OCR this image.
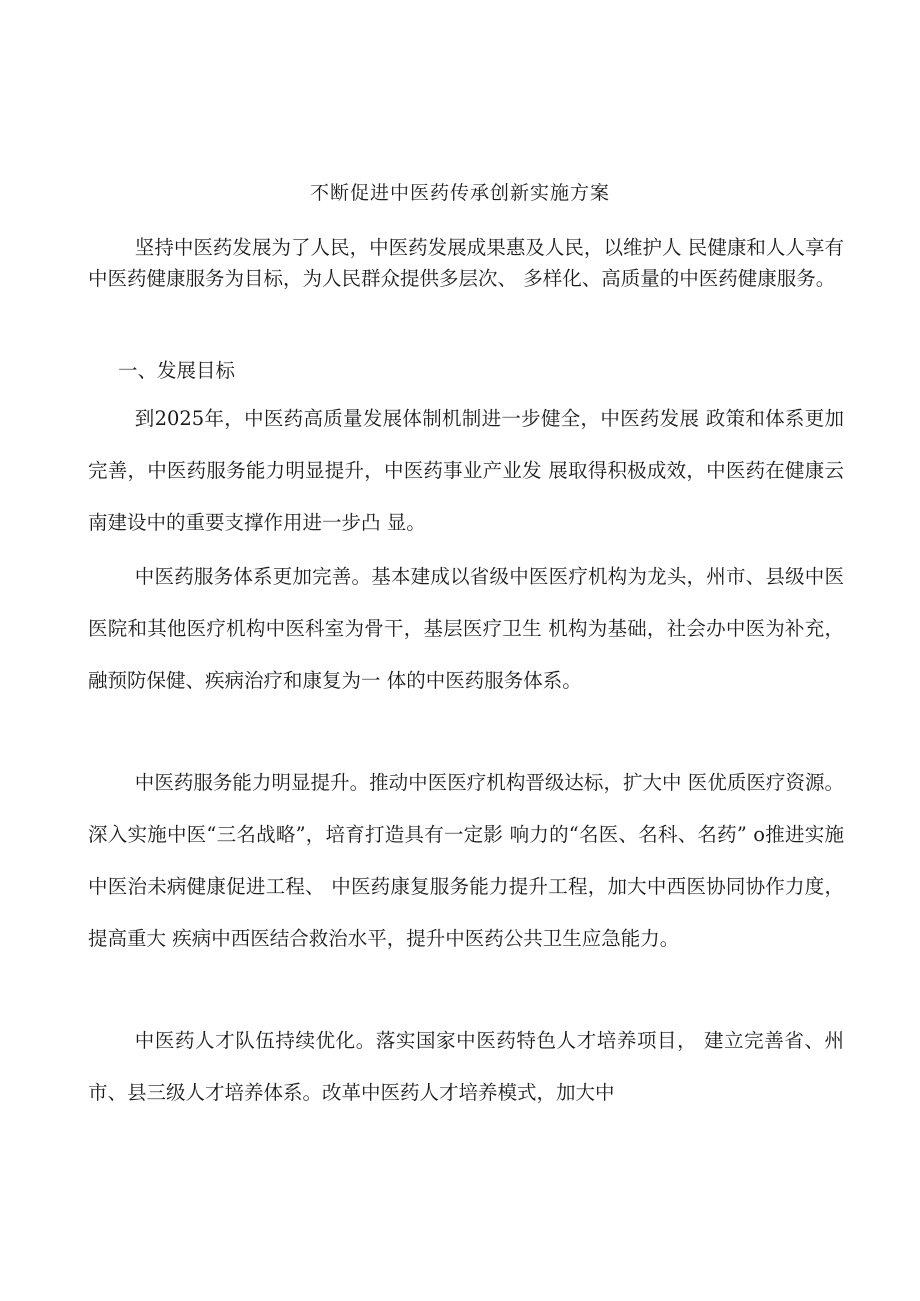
不断促进中医药传承创新实施方案

坚持中医药发展为了人民，中医药发展成果惠及人民，以维护人 民健康和人人享有中医药健康服务为目标，为人民群众提供多层次、 多样化、高质量的中医药健康服务。

一、发展目标

到2025年，中医药高质量发展体制机制进一步健全，中医药发展 政策和体系更加完善，中医药服务能力明显提升，中医药事业产业发 展取得积极成效，中医药在健康云南建设中的重要支撑作用进一步凸 显。

中医药服务体系更加完善。基本建成以省级中医医疗机构为龙头，州市、县级中医医院和其他医疗机构中医科室为骨干，基层医疗卫生 机构为基础，社会办中医为补充，融预防保健、疾病治疗和康复为一 体的中医药服务体系。

中医药服务能力明显提升。推动中医医疗机构晋级达标，扩大中 医优质医疗资源。深入实施中医“三名战略”，培育打造具有一定影 响力的“名医、名科、名药” o推进实施中医治未病健康促进工程、 中医药康复服务能力提升工程，加大中西医协同协作力度，提高重大 疾病中西医结合救治水平，提升中医药公共卫生应急能力。

中医药人才队伍持续优化。落实国家中医药特色人才培养项目， 建立完善省、州市、县三级人才培养体系。改革中医药人才培养模式，加大中
